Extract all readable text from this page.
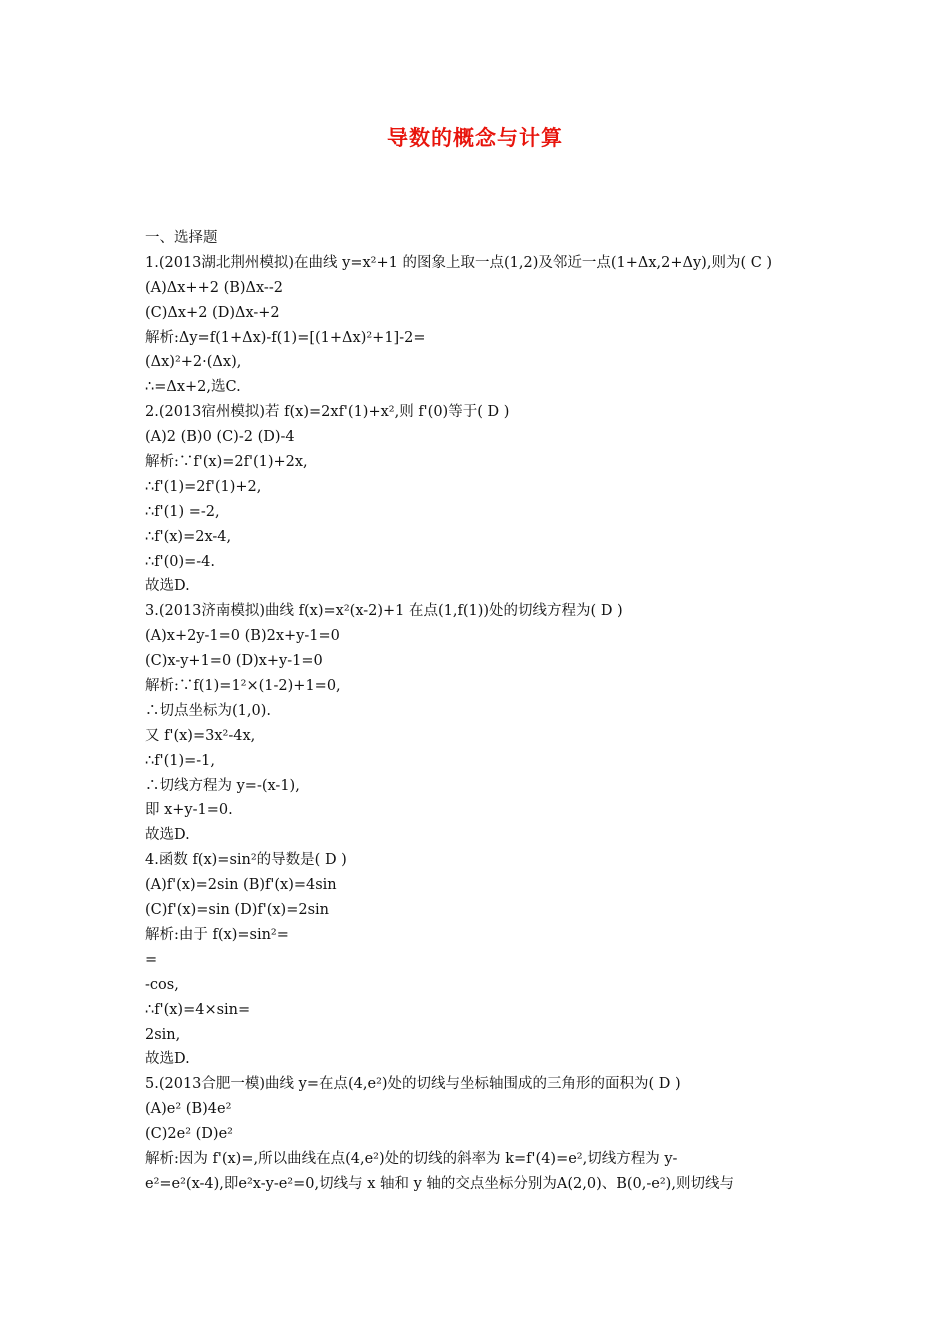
导数的概念与计算
一、选择题
1.(2013湖北荆州模拟)在曲线 y=x²+1 的图象上取一点(1,2)及邻近一点(1+Δx,2+Δy),则为( C )
(A)Δx++2 (B)Δx--2
(C)Δx+2 (D)Δx-+2
解析:Δy=f(1+Δx)-f(1)=[(1+Δx)²+1]-2=
(Δx)²+2·(Δx),
∴=Δx+2,选C.
2.(2013宿州模拟)若 f(x)=2xf'(1)+x²,则 f'(0)等于( D )
(A)2 (B)0 (C)-2 (D)-4
解析:∵f'(x)=2f'(1)+2x,
∴f'(1)=2f'(1)+2,
∴f'(1) =-2,
∴f'(x)=2x-4,
∴f'(0)=-4.
故选D.
3.(2013济南模拟)曲线 f(x)=x²(x-2)+1 在点(1,f(1))处的切线方程为( D )
(A)x+2y-1=0 (B)2x+y-1=0
(C)x-y+1=0 (D)x+y-1=0
解析:∵f(1)=1²×(1-2)+1=0,
∴切点坐标为(1,0).
又 f'(x)=3x²-4x,
∴f'(1)=-1,
∴切线方程为 y=-(x-1),
即 x+y-1=0.
故选D.
4.函数 f(x)=sin²的导数是( D )
(A)f'(x)=2sin (B)f'(x)=4sin
(C)f'(x)=sin (D)f'(x)=2sin
解析:由于 f(x)=sin²=
=
-cos,
∴f'(x)=4×sin=
2sin,
故选D.
5.(2013合肥一模)曲线 y=在点(4,e²)处的切线与坐标轴围成的三角形的面积为( D )
(A)e² (B)4e²
(C)2e² (D)e²
解析:因为 f'(x)=,所以曲线在点(4,e²)处的切线的斜率为 k=f'(4)=e²,切线方程为 y-
e²=e²(x-4),即e²x-y-e²=0,切线与 x 轴和 y 轴的交点坐标分别为A(2,0)、B(0,-e²),则切线与
